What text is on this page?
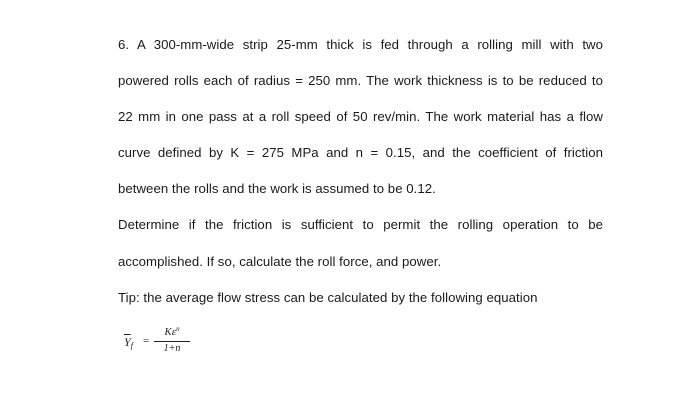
6. A 300-mm-wide strip 25-mm thick is fed through a rolling mill with two
powered rolls each of radius = 250 mm. The work thickness is to be reduced to
22 mm in one pass at a roll speed of 50 rev/min. The work material has a flow
curve defined by K = 275 MPa and n = 0.15, and the coefficient of friction
between the rolls and the work is assumed to be 0.12.
Determine if the friction is sufficient to permit the rolling operation to be
accomplished. If so, calculate the roll force, and power.
Tip: the average flow stress can be calculated by the following equation
$\overline{Y}_f$ =
$K\varepsilon^n$
1+n
